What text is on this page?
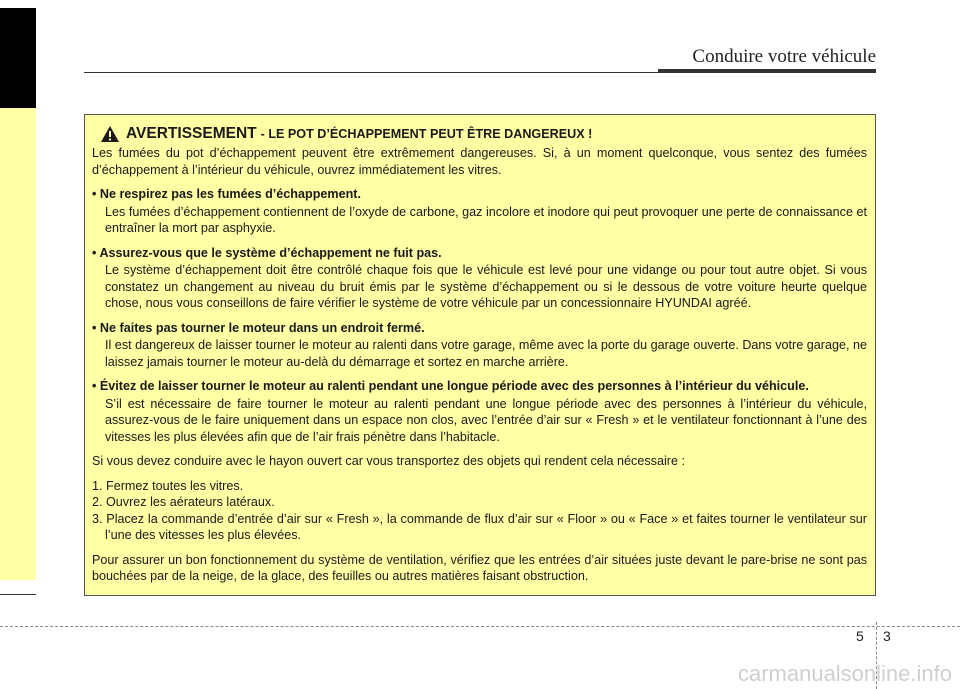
Conduire votre véhicule
AVERTISSEMENT - LE POT D’ÉCHAPPEMENT PEUT ÊTRE DANGEREUX !

Les fumées du pot d’échappement peuvent être extrêmement dangereuses. Si, à un moment quelconque, vous sentez des fumées d’échappement à l’intérieur du véhicule, ouvrez immédiatement les vitres.

• Ne respirez pas les fumées d’échappement.
Les fumées d’échappement contiennent de l’oxyde de carbone, gaz incolore et inodore qui peut provoquer une perte de connaissance et entraîner la mort par asphyxie.
• Assurez-vous que le système d’échappement ne fuit pas.
Le système d’échappement doit être contrôlé chaque fois que le véhicule est levé pour une vidange ou pour tout autre objet. Si vous constatez un changement au niveau du bruit émis par le système d’échappement ou si le dessous de votre voiture heurte quelque chose, nous vous conseillons de faire vérifier le système de votre véhicule par un concessionnaire HYUNDAI agréé.
• Ne faites pas tourner le moteur dans un endroit fermé.
Il est dangereux de laisser tourner le moteur au ralenti dans votre garage, même avec la porte du garage ouverte. Dans votre garage, ne laissez jamais tourner le moteur au-delà du démarrage et sortez en marche arrière.
• Évitez de laisser tourner le moteur au ralenti pendant une longue période avec des personnes à l’intérieur du véhicule.
S’il est nécessaire de faire tourner le moteur au ralenti pendant une longue période avec des personnes à l’intérieur du véhicule, assurez-vous de le faire uniquement dans un espace non clos, avec l’entrée d’air sur « Fresh » et le ventilateur fonctionnant à l’une des vitesses les plus élevées afin que de l’air frais pénètre dans l’habitacle.

Si vous devez conduire avec le hayon ouvert car vous transportez des objets qui rendent cela nécessaire :

1. Fermez toutes les vitres.
2. Ouvrez les aérateurs latéraux.
3. Placez la commande d’entrée d’air sur « Fresh », la commande de flux d’air sur « Floor » ou « Face » et faites tourner le ventilateur sur l’une des vitesses les plus élevées.

Pour assurer un bon fonctionnement du système de ventilation, vérifiez que les entrées d’air situées juste devant le pare-brise ne sont pas bouchées par de la neige, de la glace, des feuilles ou autres matières faisant obstruction.

5 3
carmanualsonline.info
